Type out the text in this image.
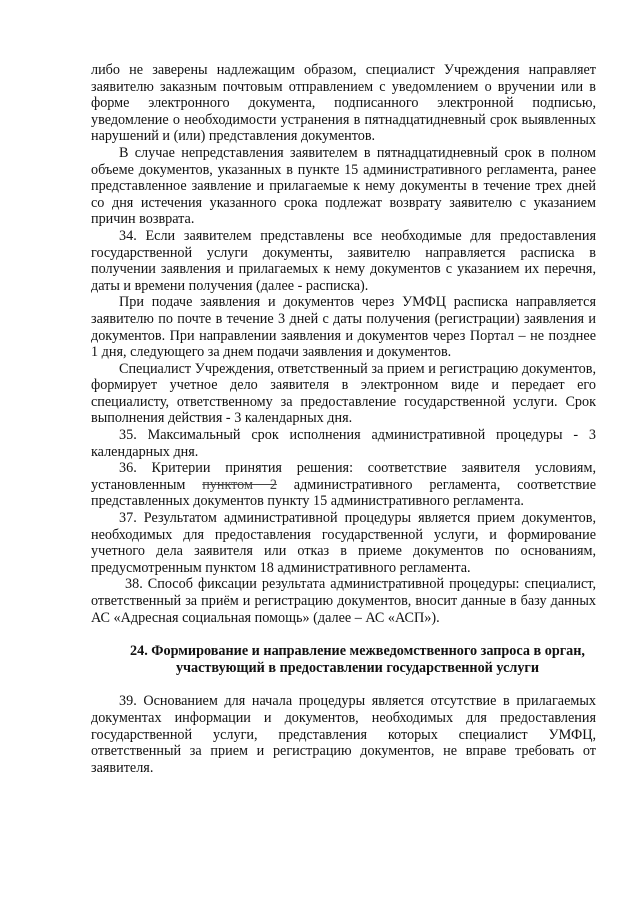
либо не заверены надлежащим образом, специалист Учреждения направляет заявителю заказным почтовым отправлением с уведомлением о вручении или в форме электронного документа, подписанного электронной подписью, уведомление о необходимости устранения в пятнадцатидневный срок выявленных нарушений и (или) представления документов.

В случае непредставления заявителем в пятнадцатидневный срок в полном объеме документов, указанных в пункте 15 административного регламента, ранее представленное заявление и прилагаемые к нему документы в течение трех дней со дня истечения указанного срока подлежат возврату заявителю с указанием причин возврата.

34. Если заявителем представлены все необходимые для предоставления государственной услуги документы, заявителю направляется расписка в получении заявления и прилагаемых к нему документов с указанием их перечня, даты и времени получения (далее - расписка).

При подаче заявления и документов через УМФЦ расписка направляется заявителю по почте в течение 3 дней с даты получения (регистрации) заявления и документов. При направлении заявления и документов через Портал – не позднее 1 дня, следующего за днем подачи заявления и документов.

Специалист Учреждения, ответственный за прием и регистрацию документов, формирует учетное дело заявителя в электронном виде и передает его специалисту, ответственному за предоставление государственной услуги. Срок выполнения действия - 3 календарных дня.

35. Максимальный срок исполнения административной процедуры - 3 календарных дня.

36. Критерии принятия решения: соответствие заявителя условиям, установленным пунктом 2 административного регламента, соответствие представленных документов пункту 15 административного регламента.

37. Результатом административной процедуры является прием документов, необходимых для предоставления государственной услуги, и формирование учетного дела заявителя или отказ в приеме документов по основаниям, предусмотренным пунктом 18 административного регламента.

38. Способ фиксации результата административной процедуры: специалист, ответственный за приём и регистрацию документов, вносит данные в базу данных АС «Адресная социальная помощь» (далее – АС «АСП»).

24. Формирование и направление межведомственного запроса в орган, участвующий в предоставлении государственной услуги

39. Основанием для начала процедуры является отсутствие в прилагаемых документах информации и документов, необходимых для предоставления государственной услуги, представления которых специалист УМФЦ, ответственный за прием и регистрацию документов, не вправе требовать от заявителя.
